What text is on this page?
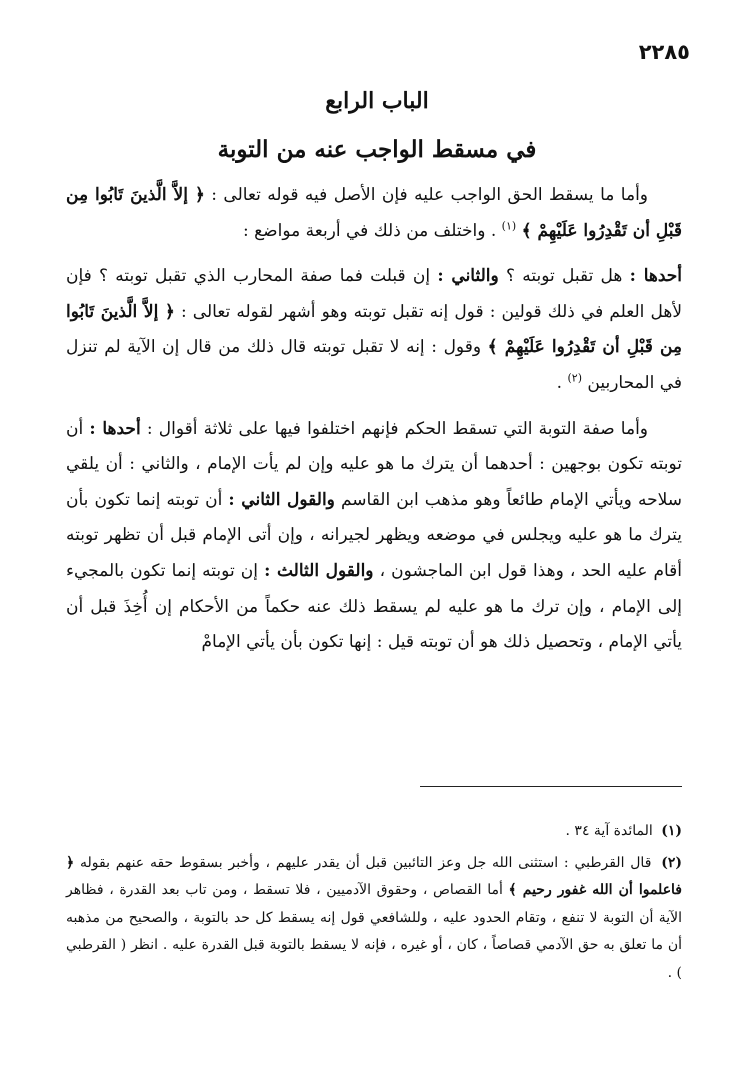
٢٢٨٥
الباب الرابع
في مسقط الواجب عنه من التوبة

وأما ما يسقط الحق الواجب عليه فإن الأصل فيه قوله تعالى : ﴿ إلاَّ الَّذينَ تَابُوا مِن قَبْلِ أن تَقْدِرُوا عَلَيْهِمْ ﴾ $^{(١)}$ . واختلف من ذلك في أربعة مواضع :

أحدها : هل تقبل توبته ؟ والثاني : إن قبلت فما صفة المحارب الذي تقبل توبته ؟ فإن لأهل العلم في ذلك قولين : قول إنه تقبل توبته وهو أشهر لقوله تعالى : ﴿ إلاَّ الَّذينَ تَابُوا مِن قَبْلِ أن تَقْدِرُوا عَلَيْهِمْ ﴾ وقول : إنه لا تقبل توبته قال ذلك من قال إن الآية لم تنزل في المحاربين $^{(٢)}$ .

وأما صفة التوبة التي تسقط الحكم فإنهم اختلفوا فيها على ثلاثة أقوال : أحدها : أن توبته تكون بوجهين : أحدهما أن يترك ما هو عليه وإن لم يأت الإمام ، والثاني : أن يلقي سلاحه ويأتي الإمام طائعاً وهو مذهب ابن القاسم والقول الثاني : أن توبته إنما تكون بأن يترك ما هو عليه ويجلس في موضعه ويظهر لجيرانه ، وإن أتى الإمام قبل أن تظهر توبته أقام عليه الحد ، وهذا قول ابن الماجشون ، والقول الثالث : إن توبته إنما تكون بالمجيء إلى الإمام ، وإن ترك ما هو عليه لم يسقط ذلك عنه حكماً من الأحكام إن أُخِذَ قبل أن يأتي الإمام ، وتحصيل ذلك هو أن توبته قيل : إنها تكون بأن يأتي الإمامْ

(١) المائدة آية ٣٤ .

(٢) قال القرطبي : استثنى الله جل وعز التائبين قبل أن يقدر عليهم ، وأخبر بسقوط حقه عنهم بقوله ﴿ فاعلموا أن الله غفور رحيم ﴾ أما القصاص ، وحقوق الآدميين ، فلا تسقط ، ومن تاب بعد القدرة ، فظاهر الآية أن التوبة لا تنفع ، وتقام الحدود عليه ، وللشافعي قول إنه يسقط كل حد بالتوبة ، والصحيح من مذهبه أن ما تعلق به حق الآدمي قصاصاً ، كان ، أو غيره ، فإنه لا يسقط بالتوبة قبل القدرة عليه . انظر ( القرطبي ) .
